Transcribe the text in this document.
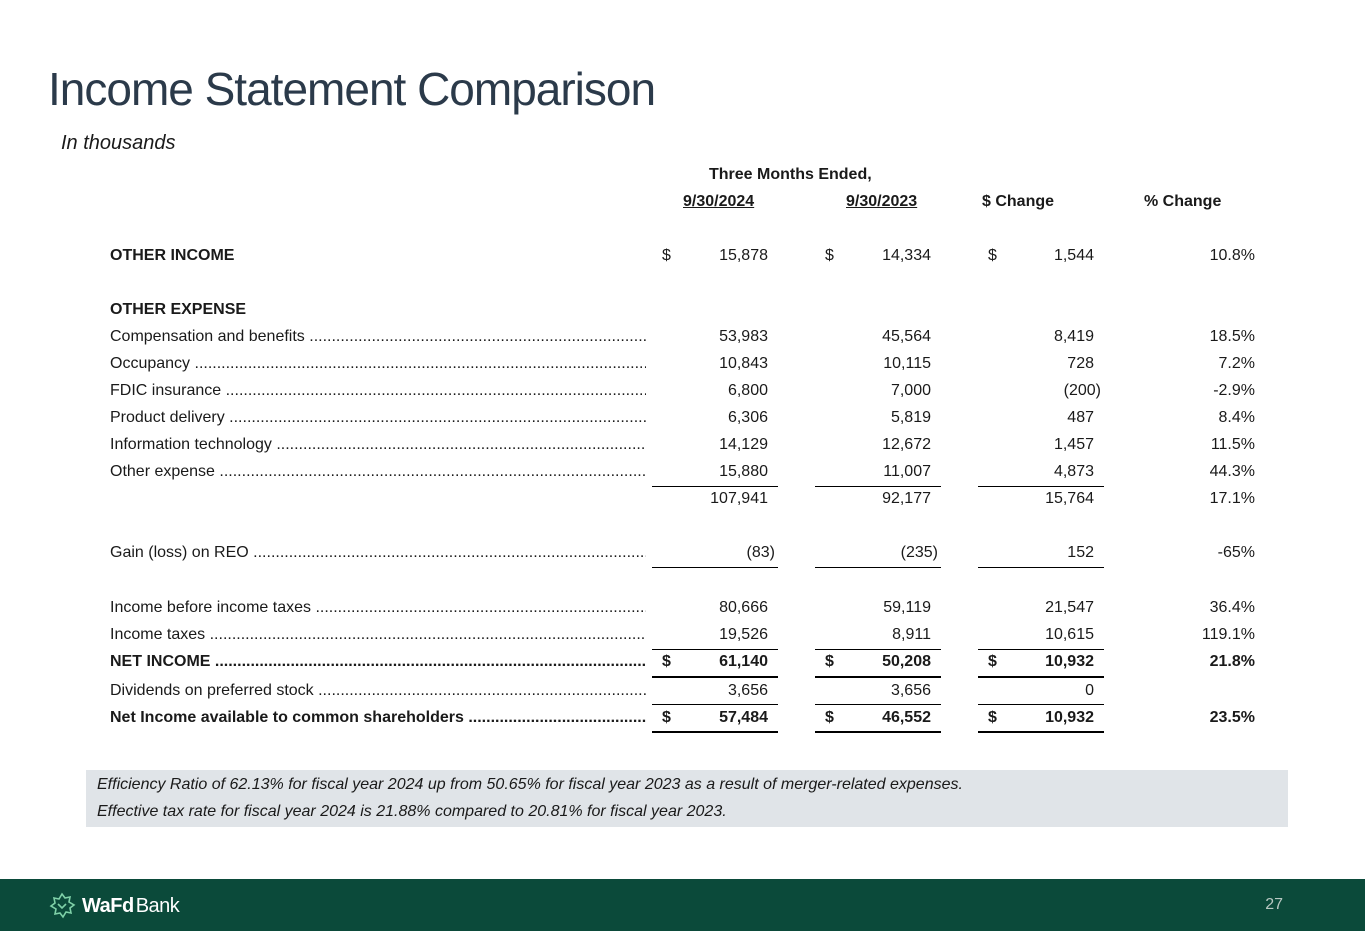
Income Statement Comparison
In thousands
Three Months Ended,
9/30/2024	9/30/2023	$ Change	% Change
OTHER INCOME	$	15,878	$	14,334	$	1,544	10.8%
OTHER EXPENSE
Compensation and benefits .....	53,983	45,564	8,419	18.5%
Occupancy .....	10,843	10,115	728	7.2%
FDIC insurance .....	6,800	7,000	(200)	-2.9%
Product delivery .....	6,306	5,819	487	8.4%
Information technology .....	14,129	12,672	1,457	11.5%
Other expense .....	15,880	11,007	4,873	44.3%
107,941	92,177	15,764	17.1%
Gain (loss) on REO .....	(83)	(235)	152	-65%
Income before income taxes .....	80,666	59,119	21,547	36.4%
Income taxes .....	19,526	8,911	10,615	119.1%
NET INCOME .....	$	61,140	$	50,208	$	10,932	21.8%
Dividends on preferred stock .....	3,656	3,656	0
Net Income available to common shareholders .....	$	57,484	$	46,552	$	10,932	23.5%

Efficiency Ratio of 62.13% for fiscal year 2024 up from 50.65% for fiscal year 2023 as a result of merger-related expenses.

Effective tax rate for fiscal year 2024 is 21.88% compared to 20.81% for fiscal year 2023.

WaFd Bank	27
